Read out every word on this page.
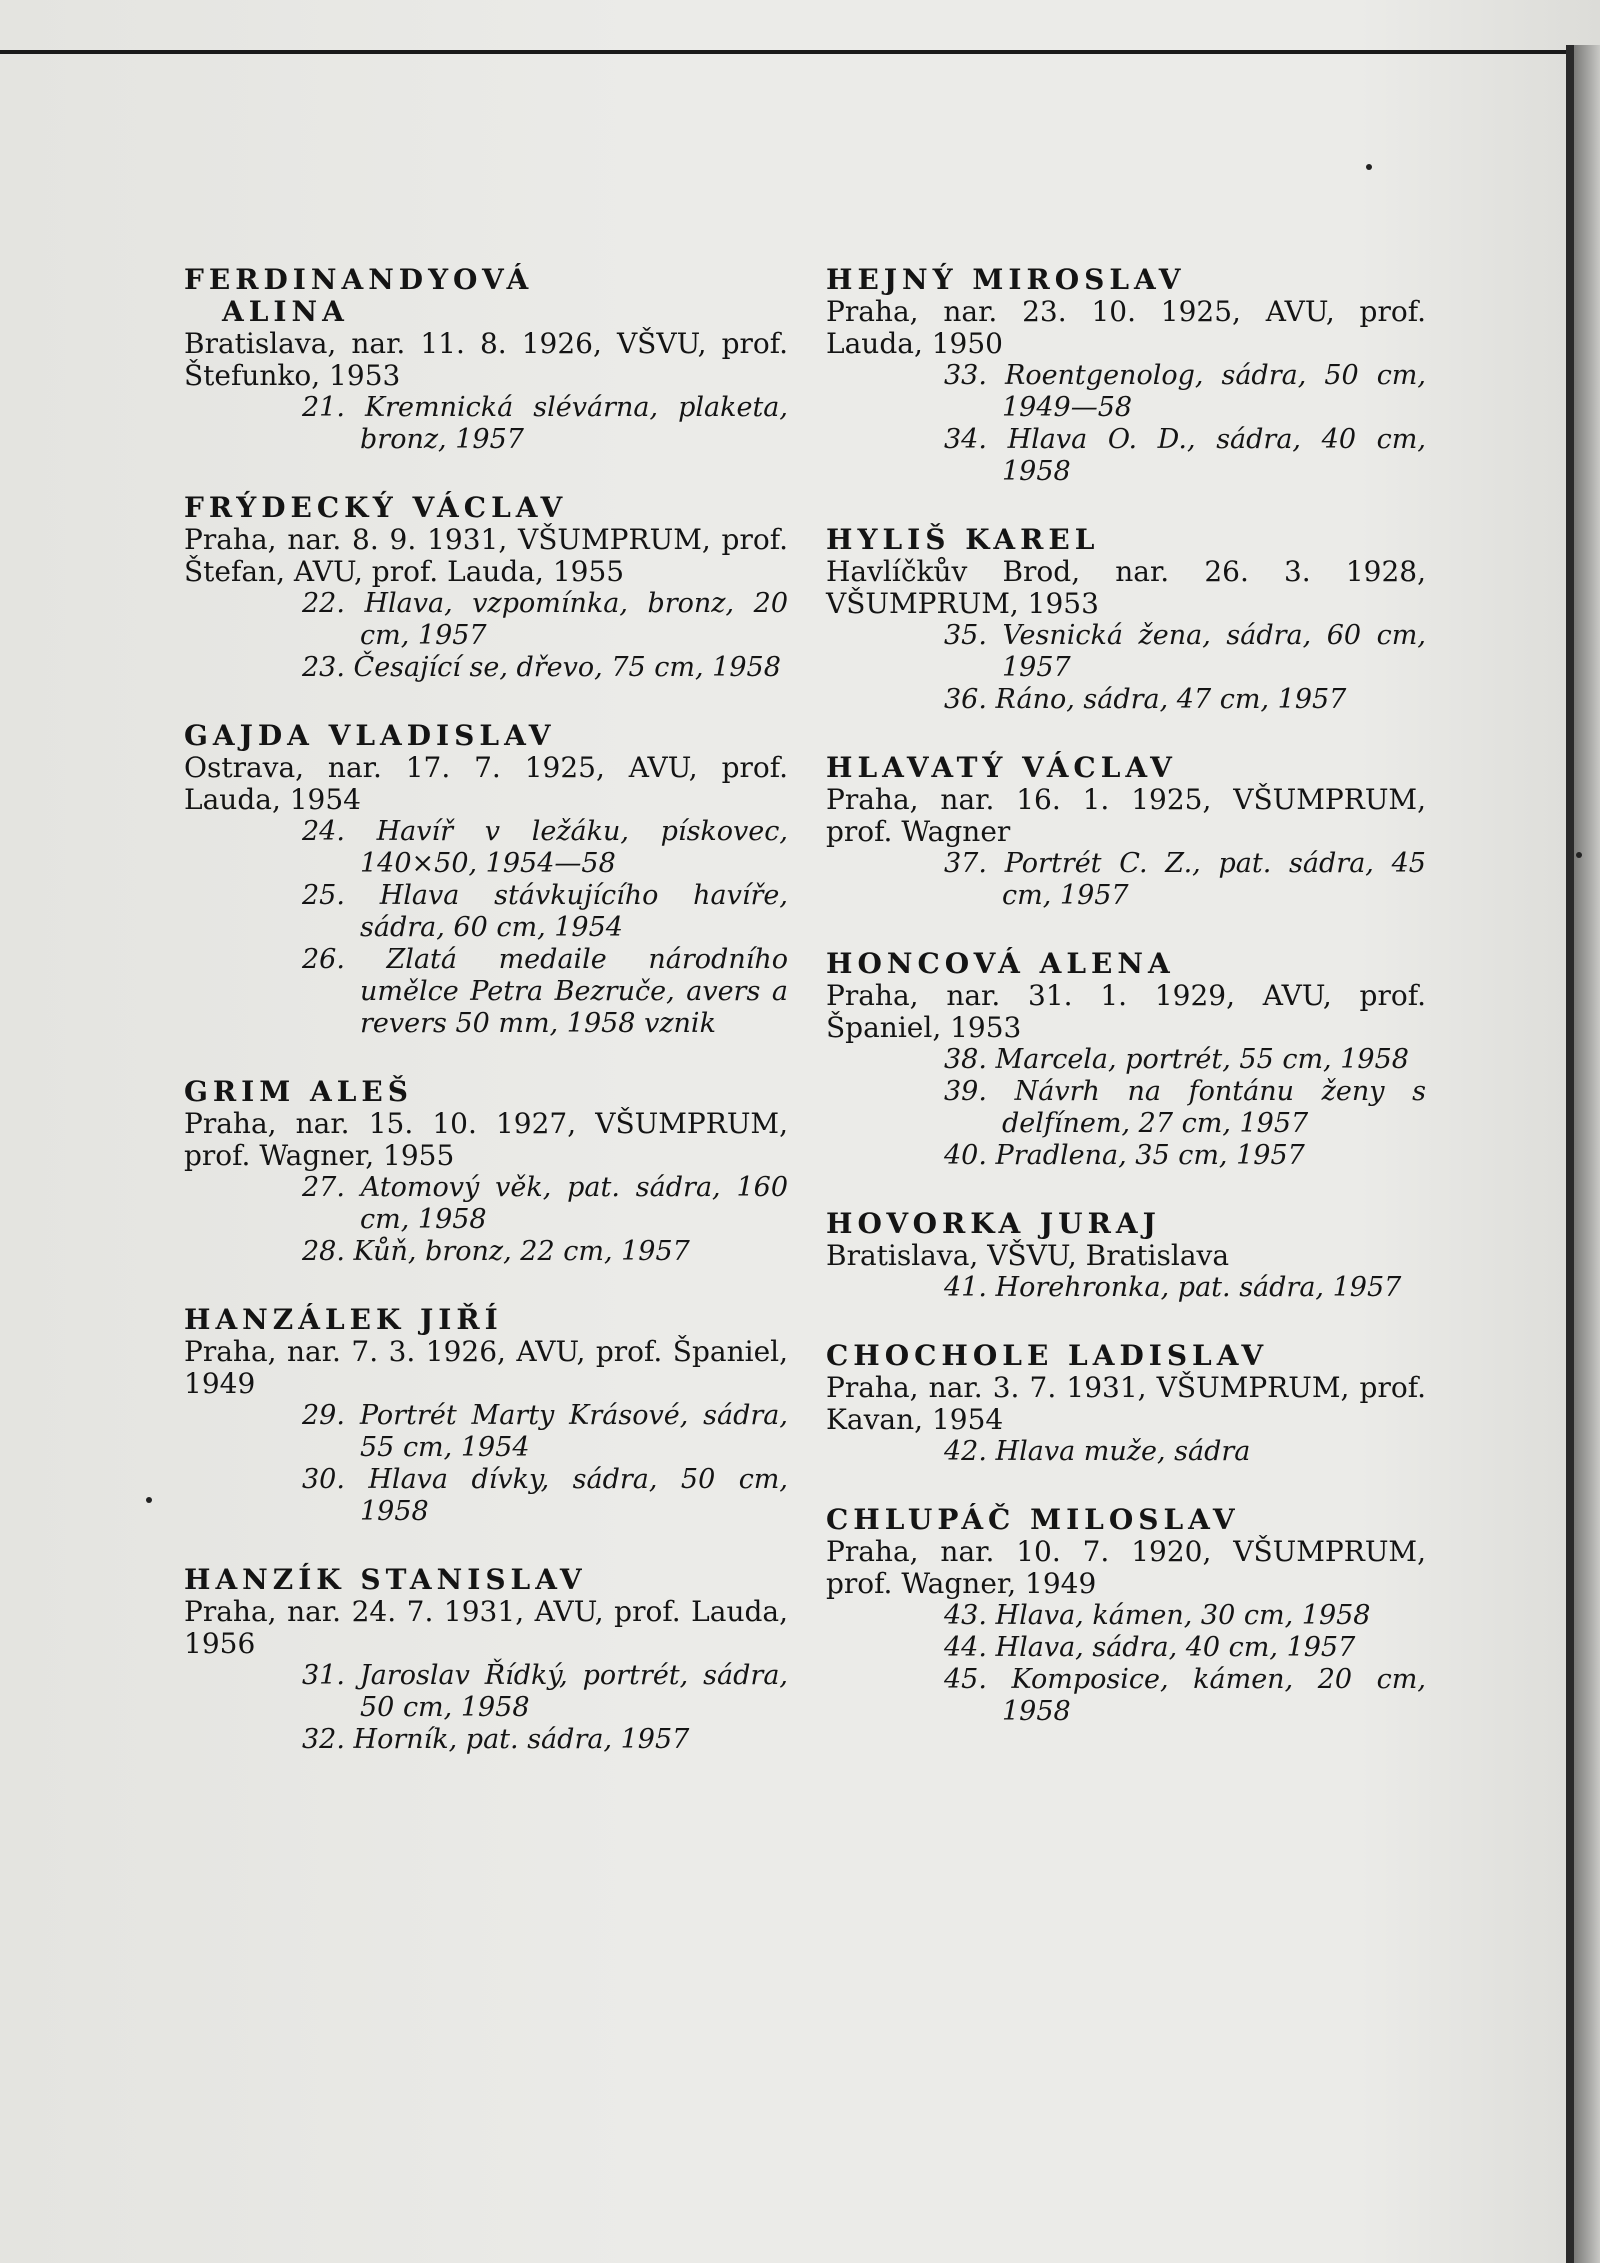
FERDINANDYOVÁ
ALINA
Bratislava, nar. 11. 8. 1926, VŠVU, prof. Štefunko, 1953
21. Kremnická slévárna, plaketa, bronz, 1957
FRÝDECKÝ VÁCLAV
Praha, nar. 8. 9. 1931, VŠUMPRUM, prof. Štefan, AVU, prof. Lauda, 1955
22. Hlava, vzpomínka, bronz, 20 cm, 1957
23. Česající se, dřevo, 75 cm, 1958
GAJDA VLADISLAV
Ostrava, nar. 17. 7. 1925, AVU, prof. Lauda, 1954
24. Havíř v ležáku, pískovec, 140×50, 1954—58
25. Hlava stávkujícího havíře, sádra, 60 cm, 1954
26. Zlatá medaile národního umělce Petra Bezruče, avers a revers 50 mm, 1958 vznik
GRIM ALEŠ
Praha, nar. 15. 10. 1927, VŠUMPRUM, prof. Wagner, 1955
27. Atomový věk, pat. sádra, 160 cm, 1958
28. Kůň, bronz, 22 cm, 1957
HANZÁLEK JIŘÍ
Praha, nar. 7. 3. 1926, AVU, prof. Španiel, 1949
29. Portrét Marty Krásové, sádra, 55 cm, 1954
30. Hlava dívky, sádra, 50 cm, 1958
HANZÍK STANISLAV
Praha, nar. 24. 7. 1931, AVU, prof. Lauda, 1956
31. Jaroslav Řídký, portrét, sádra, 50 cm, 1958
32. Horník, pat. sádra, 1957
HEJNÝ MIROSLAV
Praha, nar. 23. 10. 1925, AVU, prof. Lauda, 1950
33. Roentgenolog, sádra, 50 cm, 1949—58
34. Hlava O. D., sádra, 40 cm, 1958
HYLIŠ KAREL
Havlíčkův Brod, nar. 26. 3. 1928, VŠUMPRUM, 1953
35. Vesnická žena, sádra, 60 cm, 1957
36. Ráno, sádra, 47 cm, 1957
HLAVATÝ VÁCLAV
Praha, nar. 16. 1. 1925, VŠUMPRUM, prof. Wagner
37. Portrét C. Z., pat. sádra, 45 cm, 1957
HONCOVÁ ALENA
Praha, nar. 31. 1. 1929, AVU, prof. Španiel, 1953
38. Marcela, portrét, 55 cm, 1958
39. Návrh na fontánu ženy s delfínem, 27 cm, 1957
40. Pradlena, 35 cm, 1957
HOVORKA JURAJ
Bratislava, VŠVU, Bratislava
41. Horehronka, pat. sádra, 1957
CHOCHOLE LADISLAV
Praha, nar. 3. 7. 1931, VŠUMPRUM, prof. Kavan, 1954
42. Hlava muže, sádra
CHLUPÁČ MILOSLAV
Praha, nar. 10. 7. 1920, VŠUMPRUM, prof. Wagner, 1949
43. Hlava, kámen, 30 cm, 1958
44. Hlava, sádra, 40 cm, 1957
45. Komposice, kámen, 20 cm, 1958
